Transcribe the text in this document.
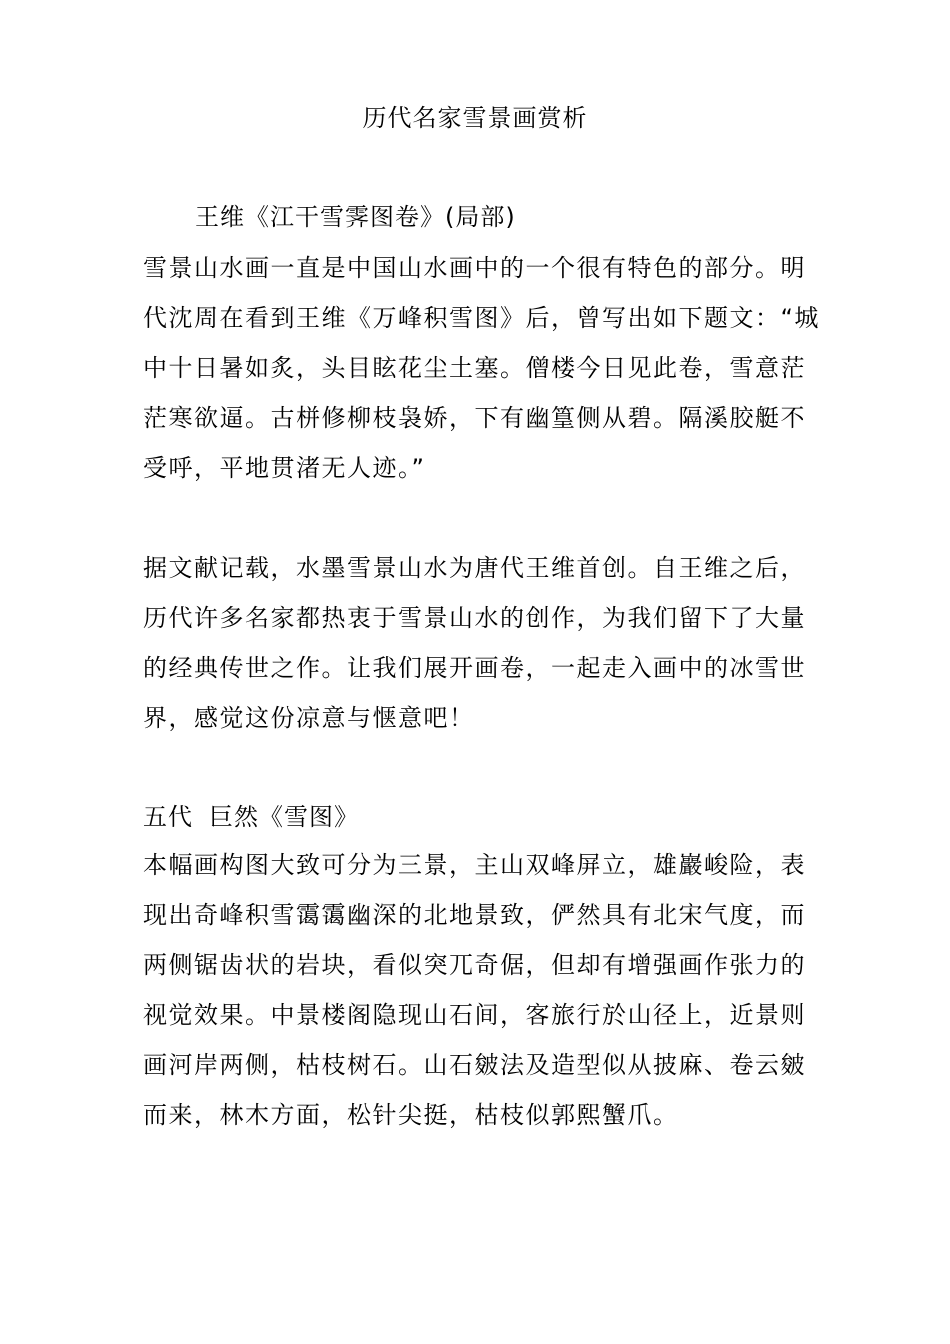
历代名家雪景画赏析
王维《江干雪霁图卷》(局部)

雪景山水画一直是中国山水画中的一个很有特色的部分。明

代沈周在看到王维《万峰积雪图》后，曾写出如下题文：“城

中十日暑如炙，头目眩花尘土塞。僧楼今日见此卷，雪意茫

茫寒欲逼。古栟修柳枝袅娇，下有幽篁侧从碧。隔溪胶艇不

受呼，平地贯渚无人迹。”

据文献记载，水墨雪景山水为唐代王维首创。自王维之后，

历代许多名家都热衷于雪景山水的创作，为我们留下了大量

的经典传世之作。让我们展开画卷，一起走入画中的冰雪世

界，感觉这份凉意与惬意吧！

五代 巨然《雪图》

本幅画构图大致可分为三景，主山双峰屏立，雄巖峻险，表

现出奇峰积雪霭霭幽深的北地景致，俨然具有北宋气度，而

两侧锯齿状的岩块，看似突兀奇倨，但却有增强画作张力的

视觉效果。中景楼阁隐现山石间，客旅行於山径上，近景则

画河岸两侧，枯枝树石。山石皴法及造型似从披麻、卷云皴

而来，林木方面，松针尖挺，枯枝似郭熙蟹爪。
